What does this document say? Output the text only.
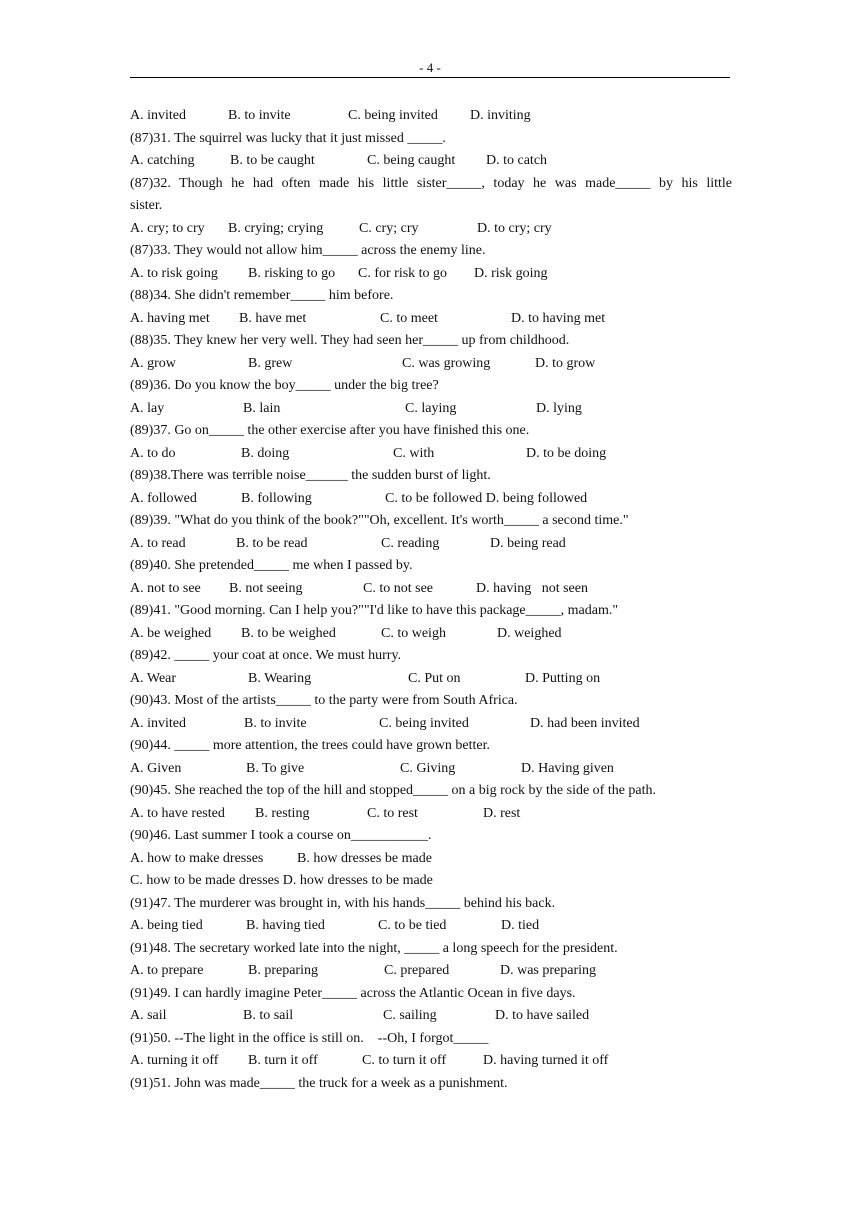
- 4 -
A. invited	B. to invite	C. being invited D. inviting
(87)31. The squirrel was lucky that it just missed _____.
A. catching	B. to be caught	C. being caught D. to catch
(87)32. Though he had often made his little sister_____, today he was made_____ by his little
sister.
A. cry; to cry B. crying; crying	C. cry; cry	D. to cry; cry
(87)33. They would not allow him_____ across the enemy line.
A. to risk going B. risking to go C. for risk to go D. risk going
(88)34. She didn't remember_____ him before.
A. having met B. have met	C. to meet	D. to having met
(88)35. They knew her very well. They had seen her_____ up from childhood.
A. grow	B. grew	C. was growing	D. to grow
(89)36. Do you know the boy_____ under the big tree?
A. lay	B. lain	C. laying	D. lying
(89)37. Go on_____ the other exercise after you have finished this one.
A. to do	B. doing	C. with	D. to be doing
(89)38.There was terrible noise______ the sudden burst of light.
A. followed	B. following	C. to be followed D. being followed
(89)39. "What do you think of the book?""Oh, excellent. It's worth_____ a second time."
A. to read	B. to be read	C. reading	D. being read
(89)40. She pretended_____ me when I passed by.
A. not to see B. not seeing	C. to not see	D. having   not seen
(89)41. "Good morning. Can I help you?""I'd like to have this package_____, madam."
A. be weighed B. to be weighed	C. to weigh	D. weighed
(89)42. _____ your coat at once. We must hurry.
A. Wear	B. Wearing	C. Put on	D. Putting on
(90)43. Most of the artists_____ to the party were from South Africa.
A. invited	B. to invite	C. being invited	D. had been invited
(90)44. _____ more attention, the trees could have grown better.
A. Given	B. To give	C. Giving	D. Having given
(90)45. She reached the top of the hill and stopped_____ on a big rock by the side of the path.
A. to have rested B. resting	C. to rest	D. rest
(90)46. Last summer I took a course on___________.
A. how to make dresses B. how dresses be made
C. how to be made dresses D. how dresses to be made
(91)47. The murderer was brought in, with his hands_____ behind his back.
A. being tied	B. having tied	C. to be tied	D. tied
(91)48. The secretary worked late into the night, _____ a long speech for the president.
A. to prepare	B. preparing	C. prepared	D. was preparing
(91)49. I can hardly imagine Peter_____ across the Atlantic Ocean in five days.
A. sail	B. to sail	C. sailing	D. to have sailed
(91)50. --The light in the office is still on.    --Oh, I forgot_____
A. turning it off B. turn it off	C. to turn it off	D. having turned it off
(91)51. John was made_____ the truck for a week as a punishment.
